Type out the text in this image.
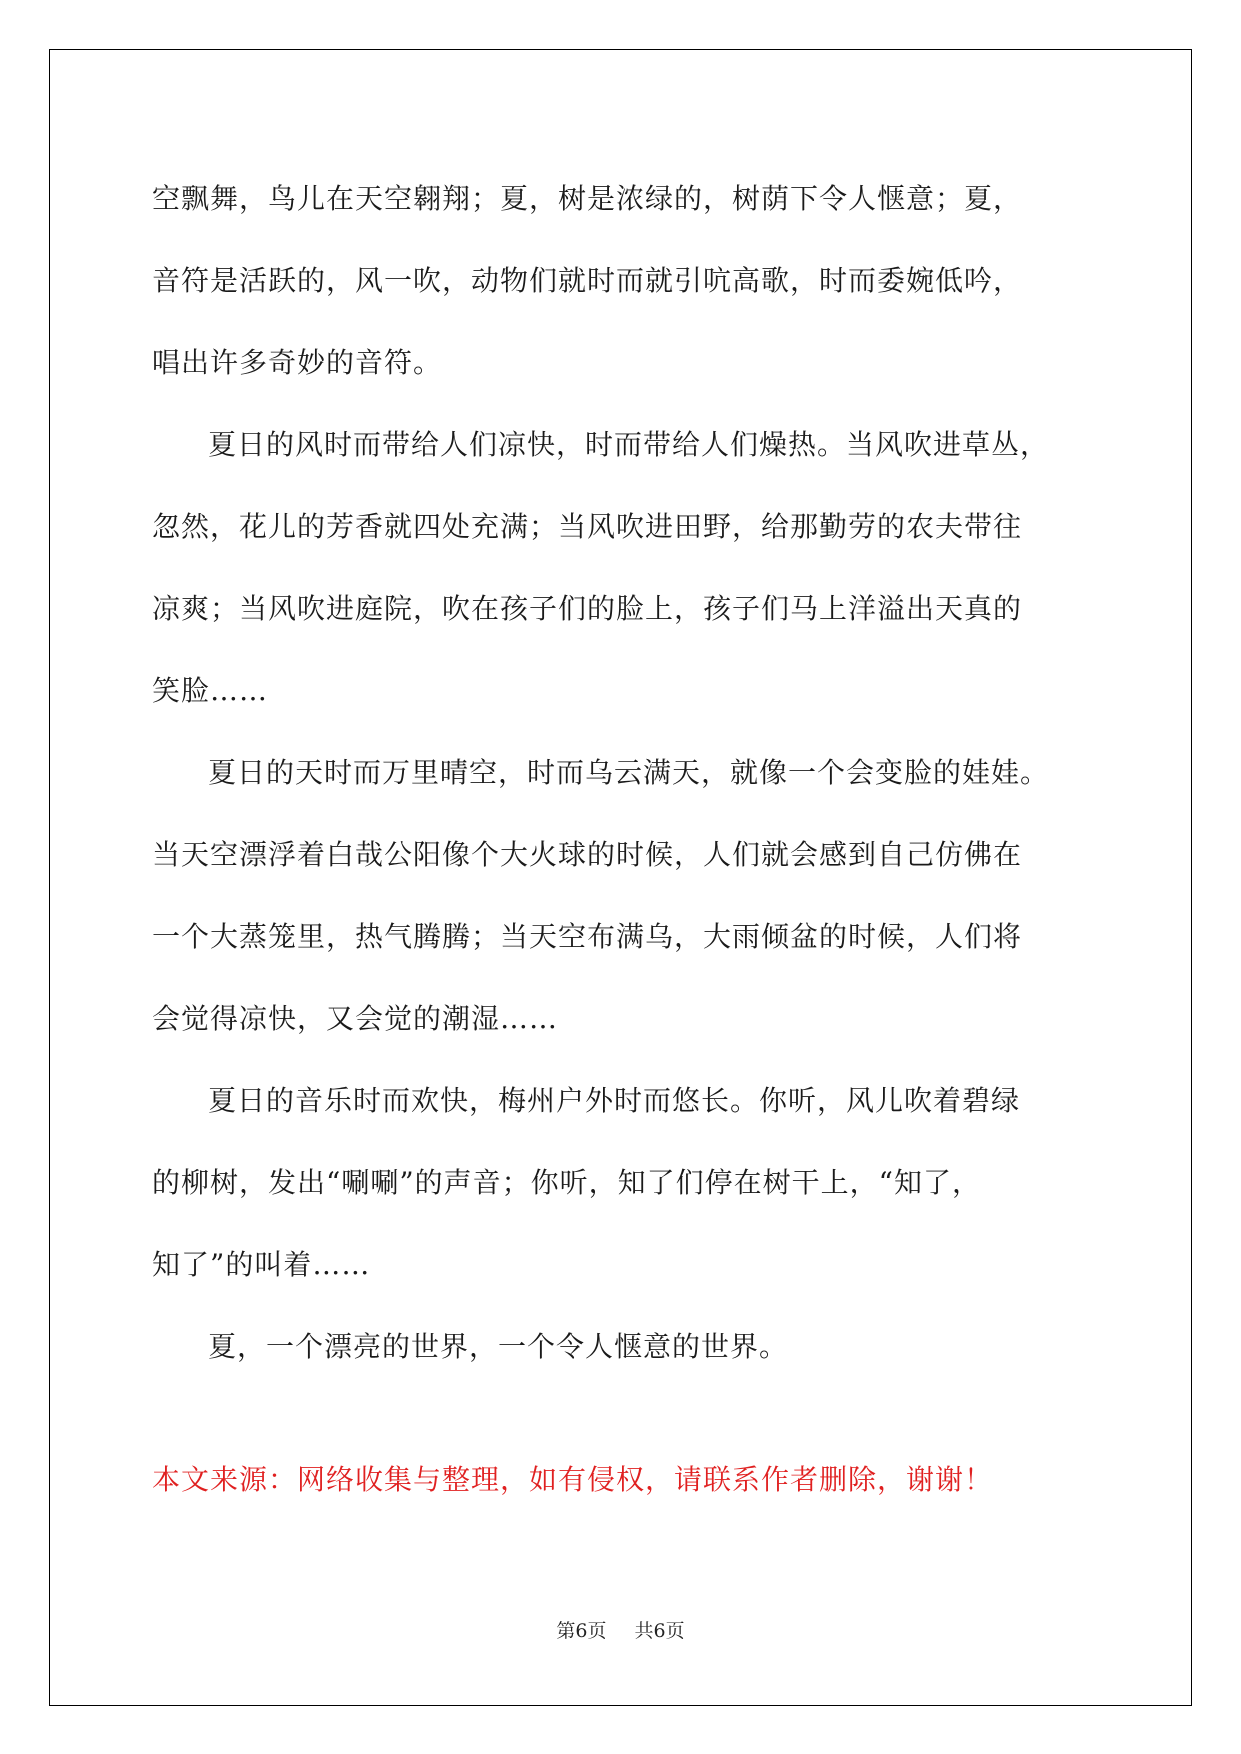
空飘舞，鸟儿在天空翱翔；夏，树是浓绿的，树荫下令人惬意；夏，
音符是活跃的，风一吹，动物们就时而就引吭高歌，时而委婉低吟，
唱出许多奇妙的音符。
夏日的风时而带给人们凉快，时而带给人们燥热。当风吹进草丛，
忽然，花儿的芳香就四处充满；当风吹进田野，给那勤劳的农夫带往
凉爽；当风吹进庭院，吹在孩子们的脸上，孩子们马上洋溢出天真的
笑脸……
夏日的天时而万里晴空，时而乌云满天，就像一个会变脸的娃娃。
当天空漂浮着白哉公阳像个大火球的时候，人们就会感到自己仿佛在
一个大蒸笼里，热气腾腾；当天空布满乌，大雨倾盆的时候，人们将
会觉得凉快，又会觉的潮湿……
夏日的音乐时而欢快，梅州户外时而悠长。你听，风儿吹着碧绿
的柳树，发出“唰唰”的声音；你听，知了们停在树干上，“知了，
知了”的叫着……
夏，一个漂亮的世界，一个令人惬意的世界。
本文来源：网络收集与整理，如有侵权，请联系作者删除，谢谢！
第6页 共6页
